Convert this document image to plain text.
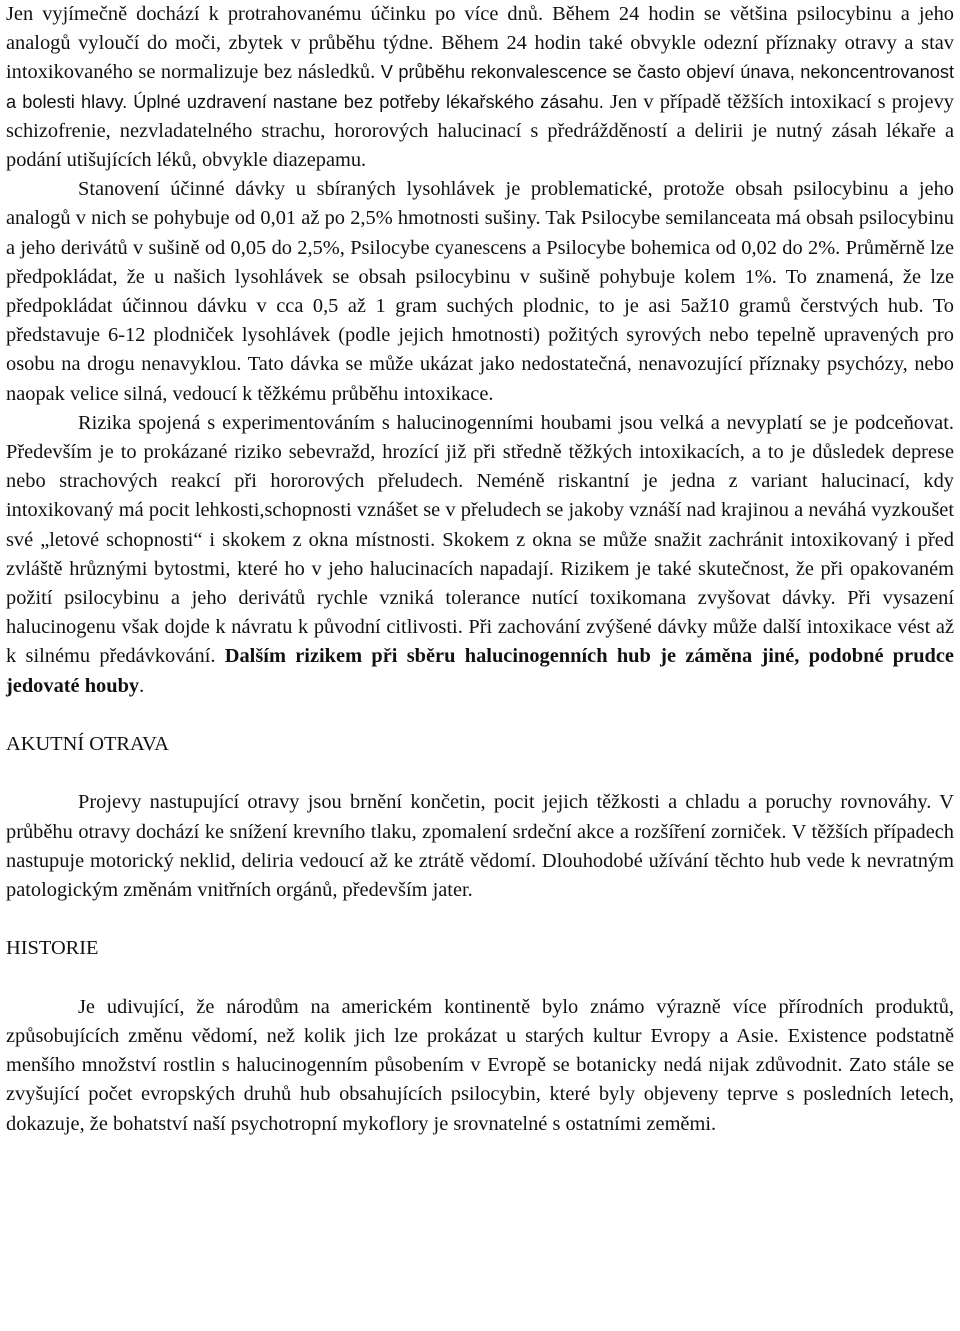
Jen vyjímečně dochází k protrahovanému účinku po více dnů. Během 24 hodin se většina psilocybinu a jeho analogů vyloučí do moči, zbytek v průběhu týdne. Během 24 hodin také obvykle odezní příznaky otravy a stav intoxikovaného se normalizuje bez následků. V průběhu rekonvalescence se často objeví únava, nekoncentrovanost a bolesti hlavy. Úplné uzdravení nastane bez potřeby lékařského zásahu. Jen v případě těžších intoxikací s projevy schizofrenie, nezvladatelného strachu, hororových halucinací s předrážděností a delirii je nutný zásah lékaře a podání utišujících léků, obvykle diazepamu.

Stanovení účinné dávky u sbíraných lysohlávek je problematické, protože obsah psilocybinu a jeho analogů v nich se pohybuje od 0,01 až po 2,5% hmotnosti sušiny. Tak Psilocybe semilanceata má obsah psilocybinu a jeho derivátů v sušině od 0,05 do 2,5%, Psilocybe cyanescens a Psilocybe bohemica od 0,02 do 2%. Průměrně lze předpokládat, že u našich lysohlávek se obsah psilocybinu v sušině pohybuje kolem 1%. To znamená, že lze předpokládat účinnou dávku v cca 0,5 až 1 gram suchých plodnic, to je asi 5až10 gramů čerstvých hub. To představuje 6-12 plodniček lysohlávek (podle jejich hmotnosti) požitých syrových nebo tepelně upravených pro osobu na drogu nenavyklou. Tato dávka se může ukázat jako nedostatečná, nenavozující příznaky psychózy, nebo naopak velice silná, vedoucí k těžkému průběhu intoxikace.

Rizika spojená s experimentováním s halucinogenními houbami jsou velká a nevyplatí se je podceňovat. Především je to prokázané riziko sebevražd, hrozící již při středně těžkých intoxikacích, a to je důsledek deprese nebo strachových reakcí při hororových přeludech. Neméně riskantní je jedna z variant halucinací, kdy intoxikovaný má pocit lehkosti,schopnosti vznášet se v přeludech se jakoby vznáší nad krajinou a neváhá vyzkoušet své „letové schopnosti“ i skokem z okna místnosti. Skokem z okna se může snažit zachránit intoxikovaný i před zvláště hrůznými bytostmi, které ho v jeho halucinacích napadají. Rizikem je také skutečnost, že při opakovaném požití psilocybinu a jeho derivátů rychle vzniká tolerance nutící toxikomana zvyšovat dávky. Při vysazení halucinogenu však dojde k návratu k původní citlivosti. Při zachování zvýšené dávky může další intoxikace vést až k silnému předávkování. Dalším rizikem při sběru halucinogenních hub je záměna jiné, podobné prudce jedovaté houby.

AKUTNÍ OTRAVA

Projevy nastupující otravy jsou brnění končetin, pocit jejich těžkosti a chladu a poruchy rovnováhy. V průběhu otravy dochází ke snížení krevního tlaku, zpomalení srdeční akce a rozšíření zorniček. V těžších případech nastupuje motorický neklid, deliria vedoucí až ke ztrátě vědomí. Dlouhodobé užívání těchto hub vede k nevratným patologickým změnám vnitřních orgánů, především jater.

HISTORIE

Je udivující, že národům na americkém kontinentě bylo známo výrazně více přírodních produktů, způsobujících změnu vědomí, než kolik jich lze prokázat u starých kultur Evropy a Asie. Existence podstatně menšího množství rostlin s halucinogenním působením v Evropě se botanicky nedá nijak zdůvodnit. Zato stále se zvyšující počet evropských druhů hub obsahujících psilocybin, které byly objeveny teprve s posledních letech, dokazuje, že bohatství naší psychotropní mykoflory je srovnatelné s ostatními zeměmi.
